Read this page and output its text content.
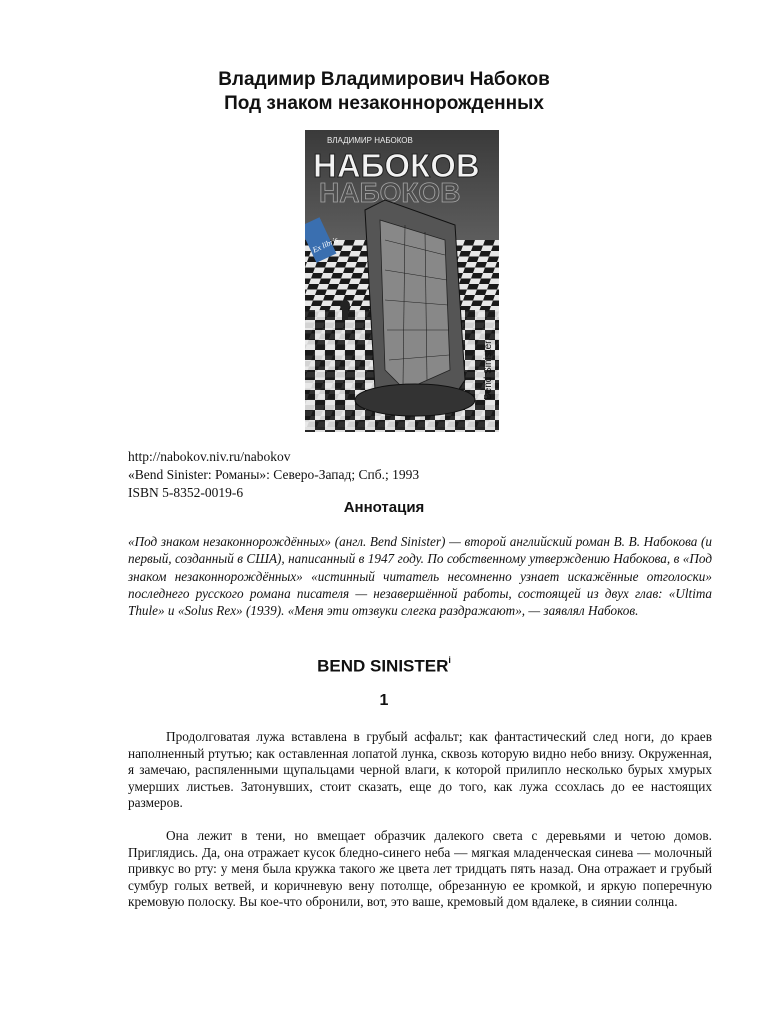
Владимир Владимирович Набоков
Под знаком незаконнорожденных
ВЛАДИМИР НАБОКОВ
НАБОКОВ
НАБОКОВ
Ex libris
Bend Sinister
http://nabokov.niv.ru/nabokov
«Bend Sinister: Романы»: Северо-Запад; Спб.; 1993
ISBN 5-8352-0019-6
Аннотация
«Под знаком незаконнорождённых» (англ. Bend Sinister) — второй английский роман В. В. Набокова (и первый, созданный в США), написанный в 1947 году. По собственному утверждению Набокова, в «Под знаком незаконнорождённых» «истинный читатель несомненно узнает искажённые отголоски» последнего русского романа писателя — незавершённой работы, состоящей из двух глав: «Ultima Thule» и «Solus Rex» (1939). «Меня эти отзвуки слегка раздражают», — заявлял Набоков.
BEND SINISTER$^i$
1

Продолговатая лужа вставлена в грубый асфальт; как фантастический след ноги, до краев наполненный ртутью; как оставленная лопатой лунка, сквозь которую видно небо внизу. Окруженная, я замечаю, распяленными щупальцами черной влаги, к которой прилипло несколько бурых хмурых умерших листьев. Затонувших, стоит сказать, еще до того, как лужа ссохлась до ее настоящих размеров.

Она лежит в тени, но вмещает образчик далекого света с деревьями и четою домов. Приглядись. Да, она отражает кусок бледно-синего неба — мягкая младенческая синева — молочный привкус во рту: у меня была кружка такого же цвета лет тридцать пять назад. Она отражает и грубый сумбур голых ветвей, и коричневую вену потолще, обрезанную ее кромкой, и яркую поперечную кремовую полоску. Вы кое-что обронили, вот, это ваше, кремовый дом вдалеке, в сиянии солнца.
